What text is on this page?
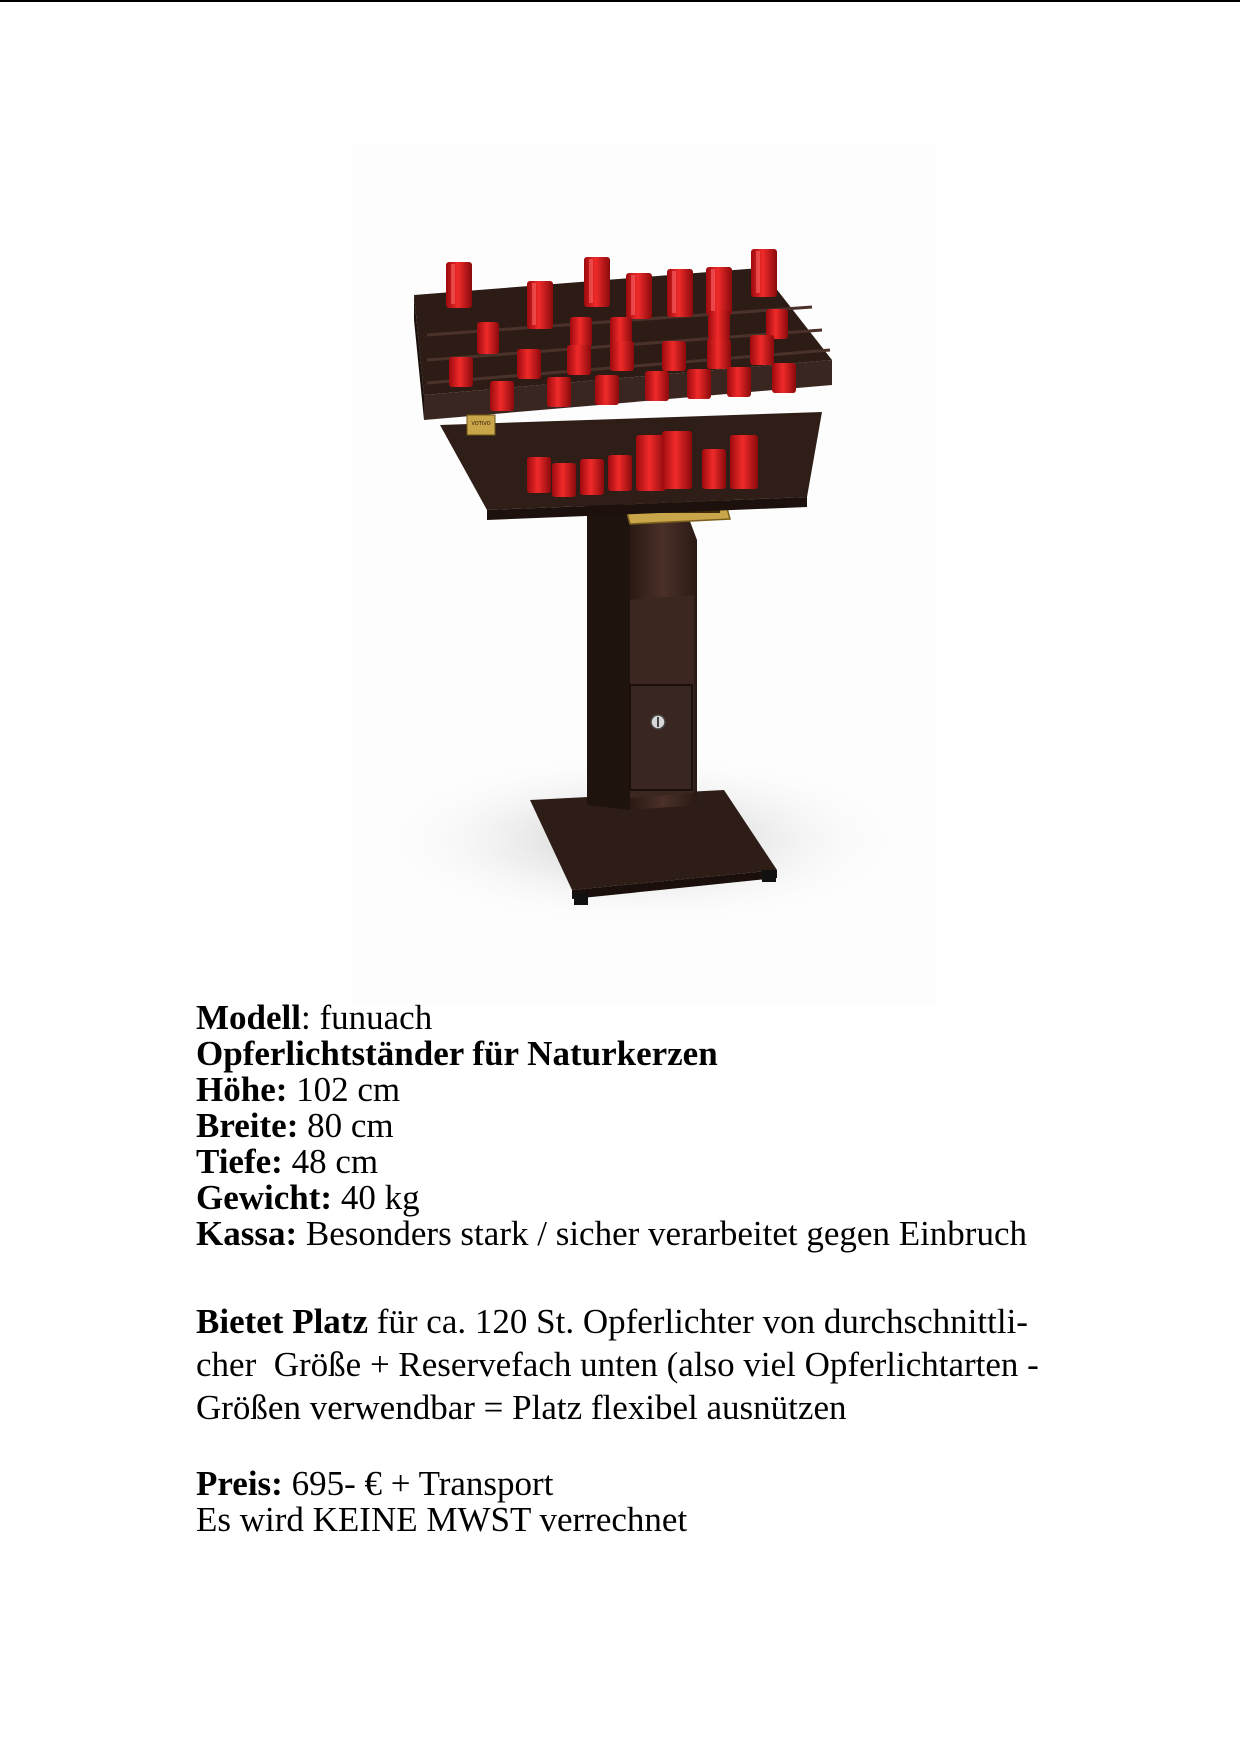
VOTIVO
Modell: funuach
Opferlichtständer für Naturkerzen
Höhe: 102 cm
Breite: 80 cm
Tiefe: 48 cm
Gewicht: 40 kg
Kassa: Besonders stark / sicher verarbeitet gegen Einbruch
Bietet Platz für ca. 120 St. Opferlichter von durchschnittli-
cher  Größe + Reservefach unten (also viel Opferlichtarten -
Größen verwendbar = Platz flexibel ausnützen
Preis: 695- € + Transport
Es wird KEINE MWST verrechnet
